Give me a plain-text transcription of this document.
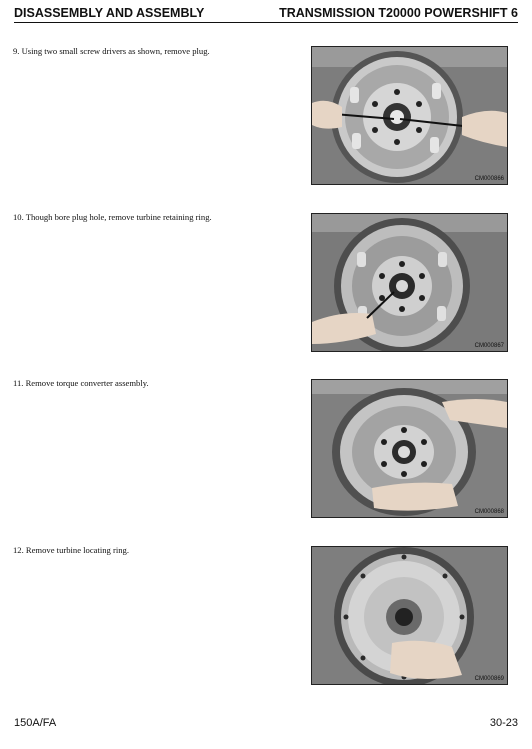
DISASSEMBLY AND ASSEMBLY	TRANSMISSION T20000 POWERSHIFT 6
9. Using two small screw drivers as shown, remove plug.
CM000866
10. Though bore plug hole, remove turbine retaining ring.
CM000867
11. Remove torque converter assembly.
CM000868
12. Remove turbine locating ring.
CM000869
150A/FA	30-23
